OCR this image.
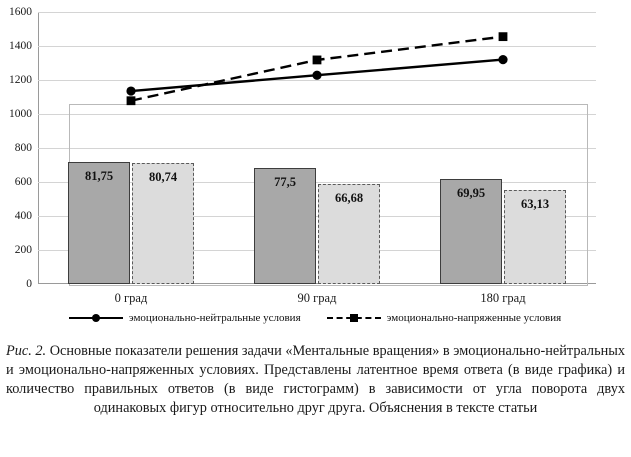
0
200
400
600
800
1000
1200
1400
1600
81,75	77,5
69,95
80,74
66,68	63,13
0 град	90 град	180 град
эмоционально-нейтральные условия	эмоционально-напряженные условия
Рис. 2. Основные показатели решения задачи «Ментальные вращения» в эмоционально-нейтральных и эмоционально-напряженных условиях. Представлены латентное время ответа (в виде графика) и количество правильных ответов (в виде гистограмм) в зависимости от угла поворота двух одинаковых фигур относительно друг друга. Объяснения в тексте статьи
